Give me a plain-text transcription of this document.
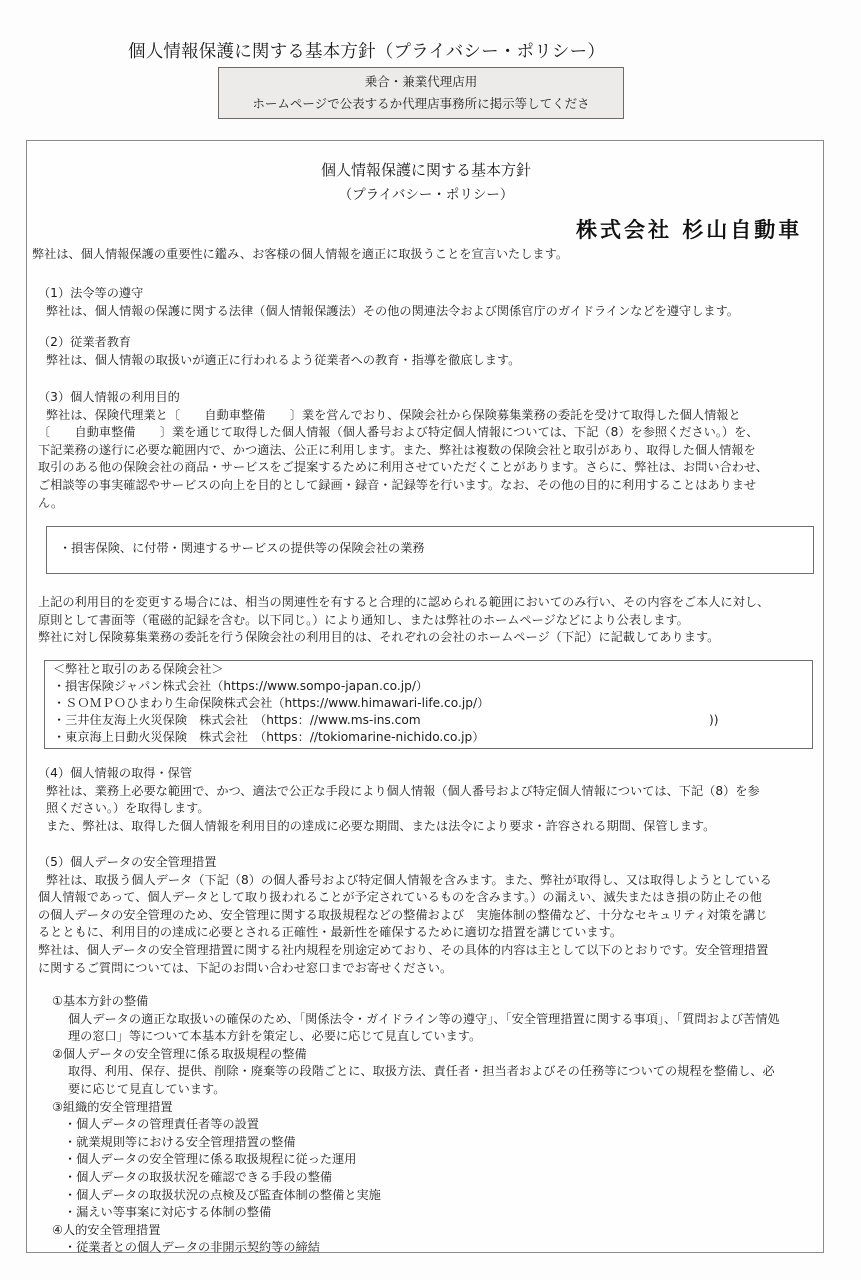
個人情報保護に関する基本方針（プライバシー・ポリシー）
乗合・兼業代理店用
ホームページで公表するか代理店事務所に掲示等してくださ
個人情報保護に関する基本方針
（プライバシー・ポリシー）
株式会社 杉山自動車
弊社は、個人情報保護の重要性に鑑み、お客様の個人情報を適正に取扱うことを宣言いたします。
（1）法令等の遵守
弊社は、個人情報の保護に関する法律（個人情報保護法）その他の関連法令および関係官庁のガイドラインなどを遵守します。
（2）従業者教育
弊社は、個人情報の取扱いが適正に行われるよう従業者への教育・指導を徹底します。
（3）個人情報の利用目的
弊社は、保険代理業と〔　　自動車整備　　〕業を営んでおり、保険会社から保険募集業務の委託を受けて取得した個人情報と
〔　　自動車整備　　〕業を通じて取得した個人情報（個人番号および特定個人情報については、下記（8）を参照ください。）を、
下記業務の遂行に必要な範囲内で、かつ適法、公正に利用します。また、弊社は複数の保険会社と取引があり、取得した個人情報を
取引のある他の保険会社の商品・サービスをご提案するために利用させていただくことがあります。さらに、弊社は、お問い合わせ、
ご相談等の事実確認やサービスの向上を目的として録画・録音・記録等を行います。なお、その他の目的に利用することはありませ
ん。
・損害保険、に付帯・関連するサービスの提供等の保険会社の業務
上記の利用目的を変更する場合には、相当の関連性を有すると合理的に認められる範囲においてのみ行い、その内容をご本人に対し、
原則として書面等（電磁的記録を含む。以下同じ。）により通知し、または弊社のホームページなどにより公表します。
弊社に対し保険募集業務の委託を行う保険会社の利用目的は、それぞれの会社のホームページ（下記）に記載してあります。
＜弊社と取引のある保険会社＞
・損害保険ジャパン株式会社（https://www.sompo-japan.co.jp/）
・ＳＯＭＰＯひまわり生命保険株式会社（https://www.himawari-life.co.jp/）
・三井住友海上火災保険　株式会社　（https：//www.ms-ins.com	))
・東京海上日動火災保険　株式会社　（https：//tokiomarine-nichido.co.jp）
（4）個人情報の取得・保管
弊社は、業務上必要な範囲で、かつ、適法で公正な手段により個人情報（個人番号および特定個人情報については、下記（8）を参
照ください。）を取得します。
また、弊社は、取得した個人情報を利用目的の達成に必要な期間、または法令により要求・許容される期間、保管します。
（5）個人データの安全管理措置
弊社は、取扱う個人データ（下記（8）の個人番号および特定個人情報を含みます。また、弊社が取得し、又は取得しようとしている
個人情報であって、個人データとして取り扱われることが予定されているものを含みます。）の漏えい、滅失またはき損の防止その他
の個人データの安全管理のため、安全管理に関する取扱規程などの整備および　実施体制の整備など、十分なセキュリティ対策を講じ
るとともに、利用目的の達成に必要とされる正確性・最新性を確保するために適切な措置を講じています。
弊社は、個人データの安全管理措置に関する社内規程を別途定めており、その具体的内容は主として以下のとおりです。安全管理措置
に関するご質問については、下記のお問い合わせ窓口までお寄せください。
①基本方針の整備
個人データの適正な取扱いの確保のため、「関係法令・ガイドライン等の遵守」、「安全管理措置に関する事項」、「質問および苦情処
理の窓口」等について本基本方針を策定し、必要に応じて見直しています。
②個人データの安全管理に係る取扱規程の整備
取得、利用、保存、提供、削除・廃棄等の段階ごとに、取扱方法、責任者・担当者およびその任務等についての規程を整備し、必
要に応じて見直しています。
③組織的安全管理措置
・個人データの管理責任者等の設置
・就業規則等における安全管理措置の整備
・個人データの安全管理に係る取扱規程に従った運用
・個人データの取扱状況を確認できる手段の整備
・個人データの取扱状況の点検及び監査体制の整備と実施
・漏えい等事案に対応する体制の整備
④人的安全管理措置
・従業者との個人データの非開示契約等の締結
